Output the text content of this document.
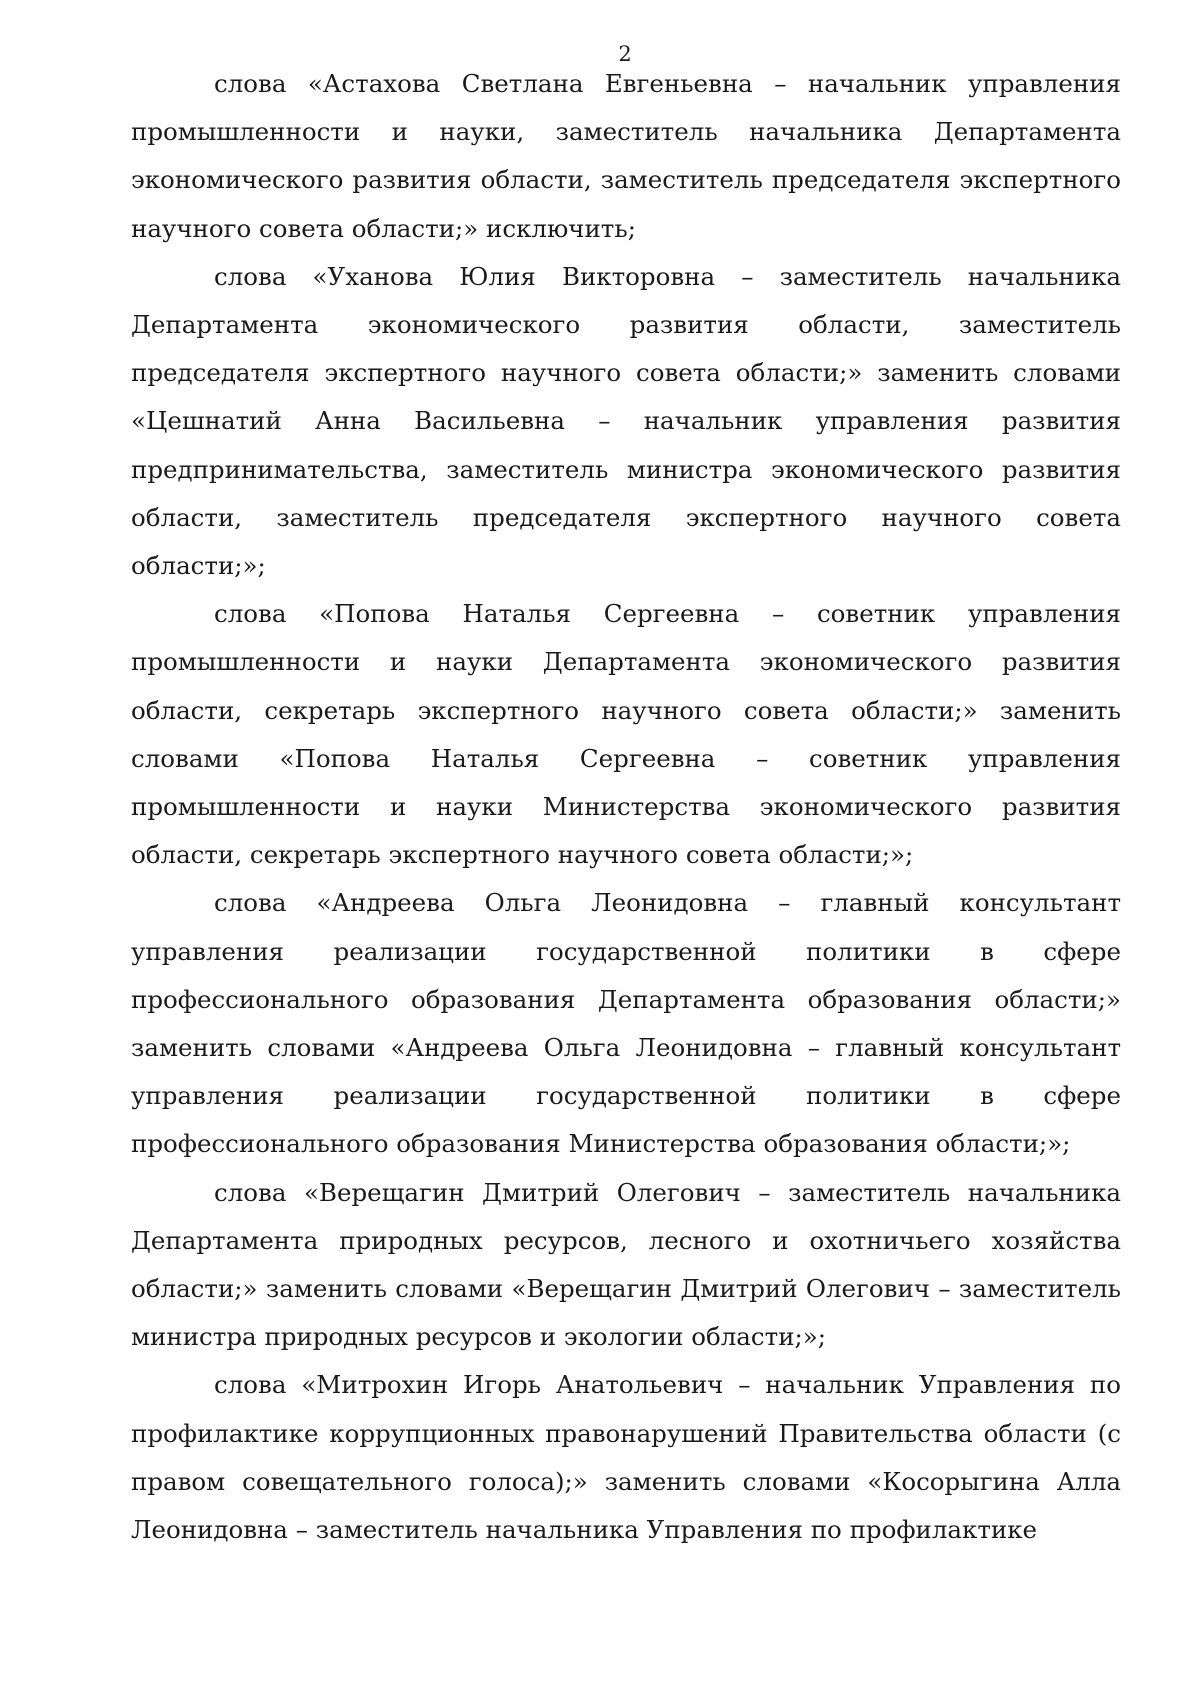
2

слова «Астахова Светлана Евгеньевна – начальник управления промышленности и науки, заместитель начальника Департамента экономического развития области, заместитель председателя экспертного научного совета области;» исключить;

слова «Уханова Юлия Викторовна – заместитель начальника Департамента экономического развития области, заместитель председателя экспертного научного совета области;» заменить словами «Цешнатий Анна Васильевна – начальник управления развития предпринимательства, заместитель министра экономического развития области, заместитель председателя экспертного научного совета области;»;

слова «Попова Наталья Сергеевна – советник управления промышленности и науки Департамента экономического развития области, секретарь экспертного научного совета области;» заменить словами «Попова Наталья Сергеевна – советник управления промышленности и науки Министерства экономического развития области, секретарь экспертного научного совета области;»;

слова «Андреева Ольга Леонидовна – главный консультант управления реализации государственной политики в сфере профессионального образования Департамента образования области;» заменить словами «Андреева Ольга Леонидовна – главный консультант управления реализации государственной политики в сфере профессионального образования Министерства образования области;»;

слова «Верещагин Дмитрий Олегович – заместитель начальника Департамента природных ресурсов, лесного и охотничьего хозяйства области;» заменить словами «Верещагин Дмитрий Олегович – заместитель министра природных ресурсов и экологии области;»;

слова «Митрохин Игорь Анатольевич – начальник Управления по профилактике коррупционных правонарушений Правительства области (с правом совещательного голоса);» заменить словами «Косорыгина Алла Леонидовна – заместитель начальника Управления по профилактике
